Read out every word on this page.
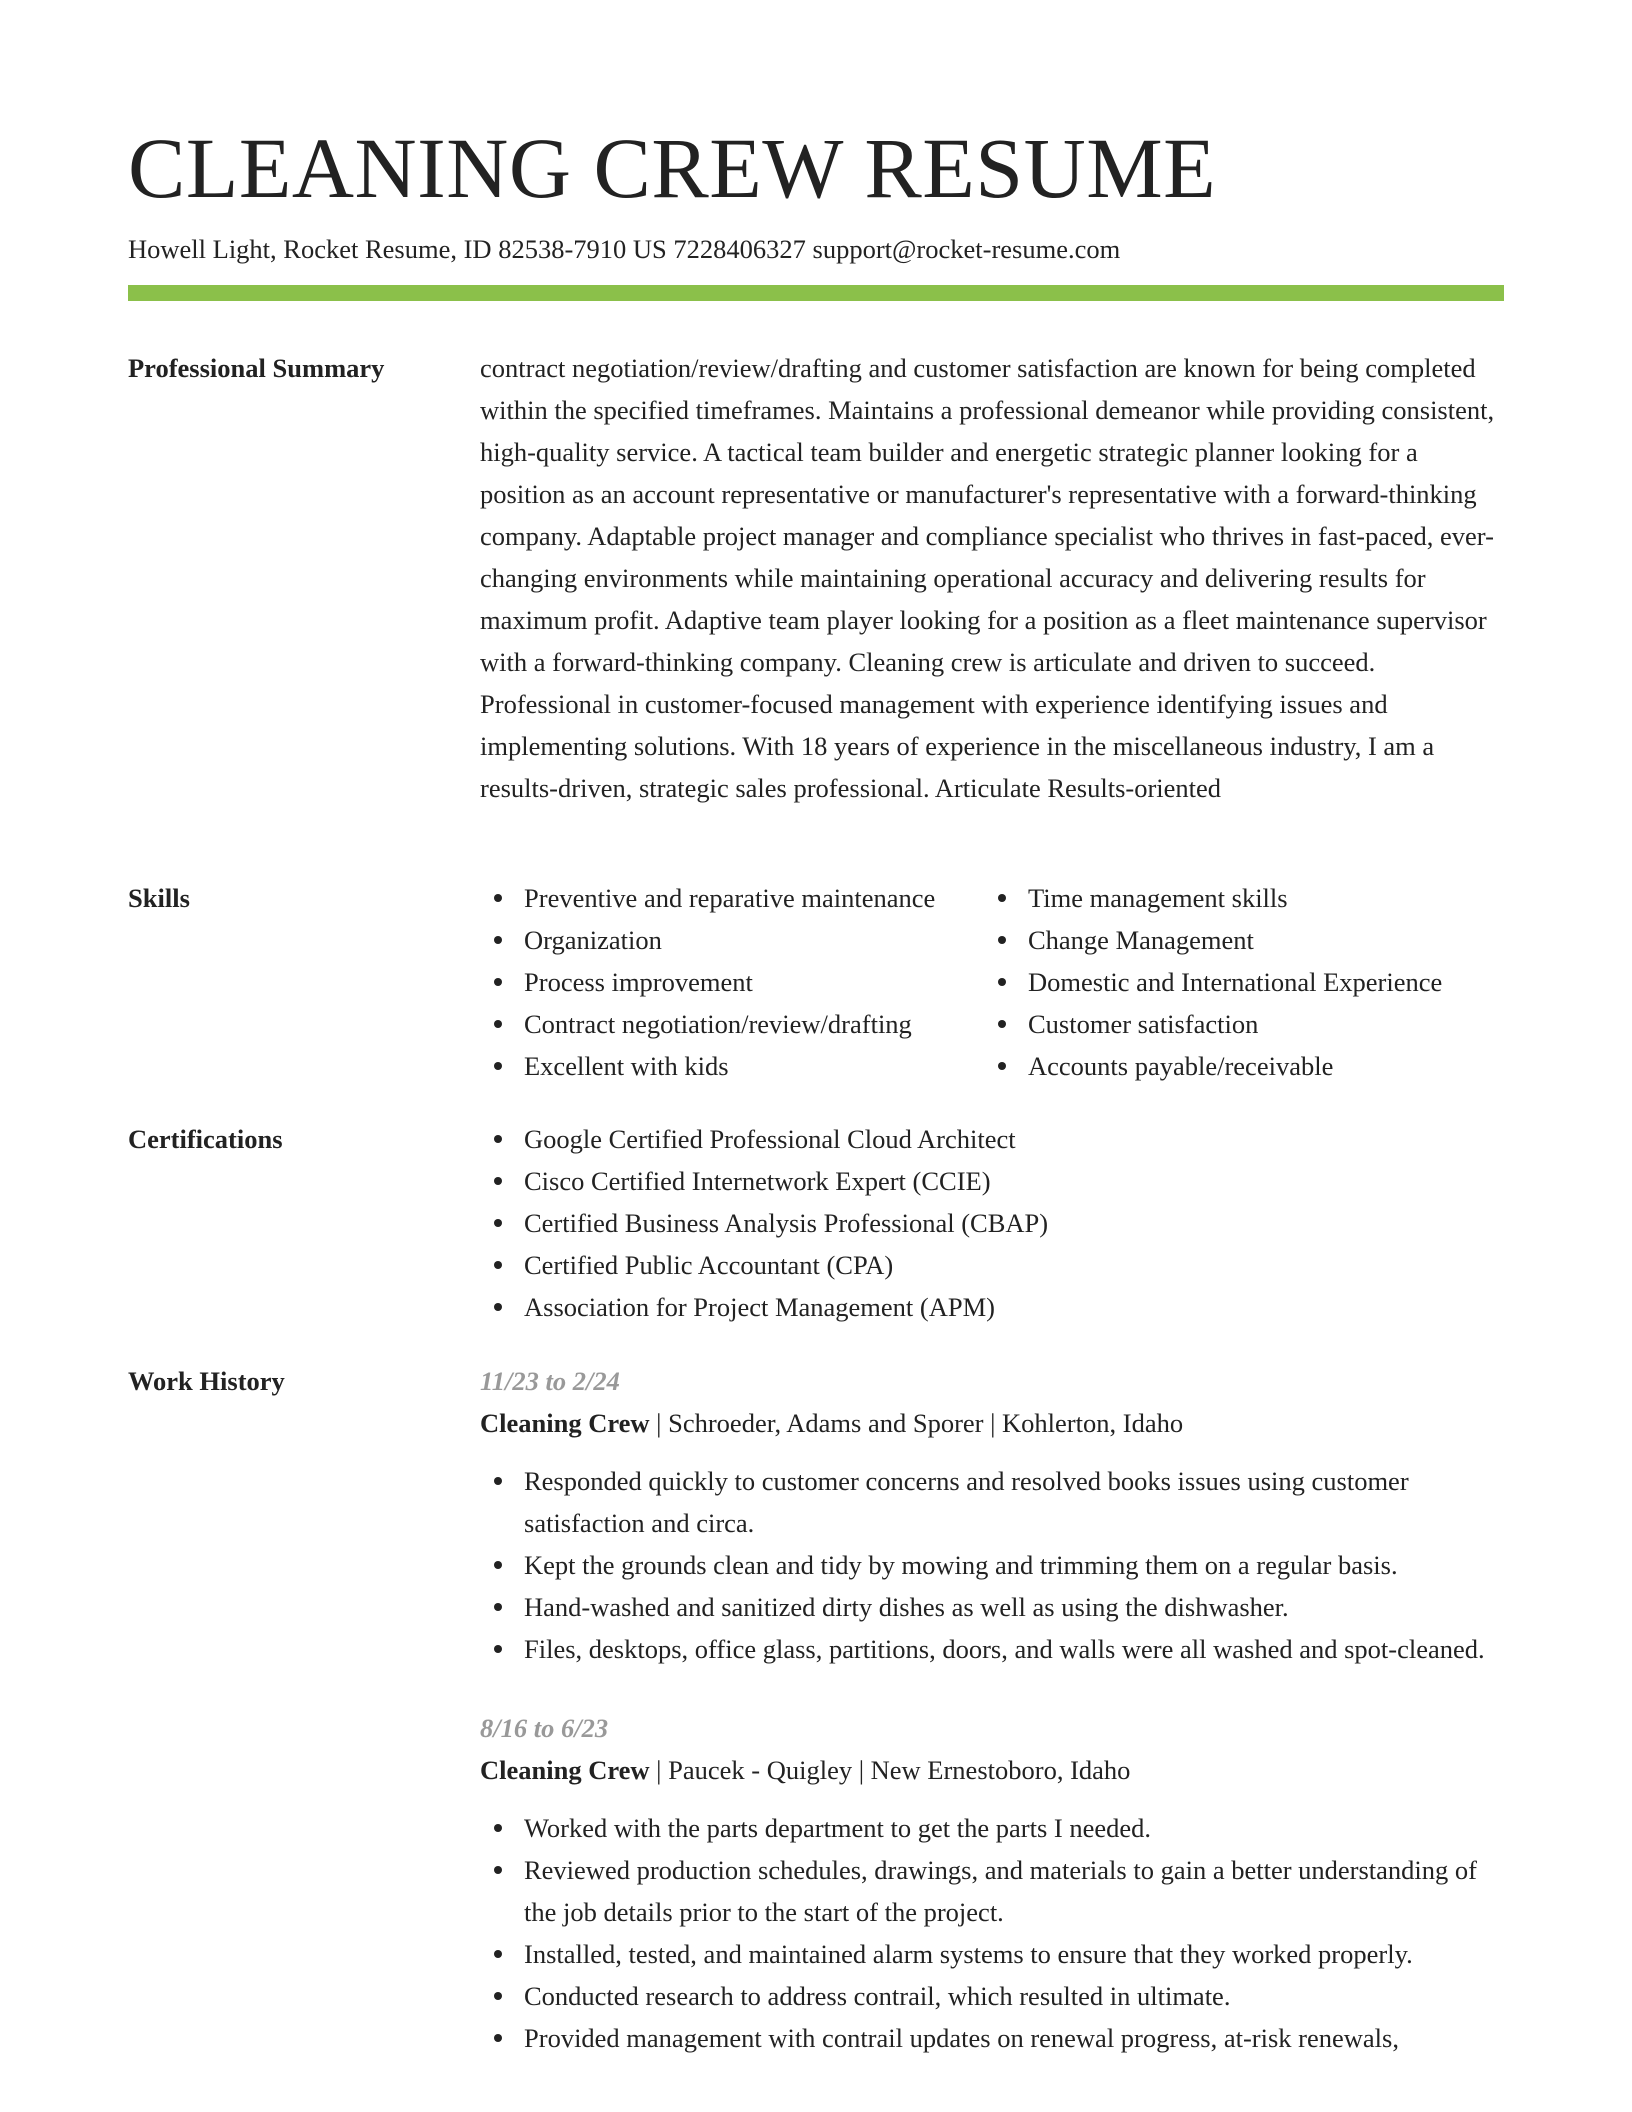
CLEANING CREW RESUME
Howell Light, Rocket Resume, ID 82538-7910 US 7228406327 support@rocket-resume.com
Professional Summary	contract negotiation/review/drafting and customer satisfaction are known for being completed within the specified timeframes. Maintains a professional demeanor while providing consistent, high-quality service. A tactical team builder and energetic strategic planner looking for a position as an account representative or manufacturer's representative with a forward-thinking company. Adaptable project manager and compliance specialist who thrives in fast-paced, ever-changing environments while maintaining operational accuracy and delivering results for maximum profit. Adaptive team player looking for a position as a fleet maintenance supervisor with a forward-thinking company. Cleaning crew is articulate and driven to succeed. Professional in customer-focused management with experience identifying issues and implementing solutions. With 18 years of experience in the miscellaneous industry, I am a results-driven, strategic sales professional. Articulate Results-oriented

Skills	Preventive and reparative maintenance
Organization
Process improvement
Contract negotiation/review/drafting
Excellent with kids
Time management skills
Change Management
Domestic and International Experience
Customer satisfaction
Accounts payable/receivable
Certifications	Google Certified Professional Cloud Architect
Cisco Certified Internetwork Expert (CCIE)
Certified Business Analysis Professional (CBAP)
Certified Public Accountant (CPA)
Association for Project Management (APM)
Work History	11/23 to 2/24
Cleaning Crew | Schroeder, Adams and Sporer | Kohlerton, Idaho
Responded quickly to customer concerns and resolved books issues using customer satisfaction and circa.
Kept the grounds clean and tidy by mowing and trimming them on a regular basis.
Hand-washed and sanitized dirty dishes as well as using the dishwasher.
Files, desktops, office glass, partitions, doors, and walls were all washed and spot-cleaned.
8/16 to 6/23
Cleaning Crew | Paucek - Quigley | New Ernestoboro, Idaho
Worked with the parts department to get the parts I needed.
Reviewed production schedules, drawings, and materials to gain a better understanding of the job details prior to the start of the project.
Installed, tested, and maintained alarm systems to ensure that they worked properly.
Conducted research to address contrail, which resulted in ultimate.
Provided management with contrail updates on renewal progress, at-risk renewals,
